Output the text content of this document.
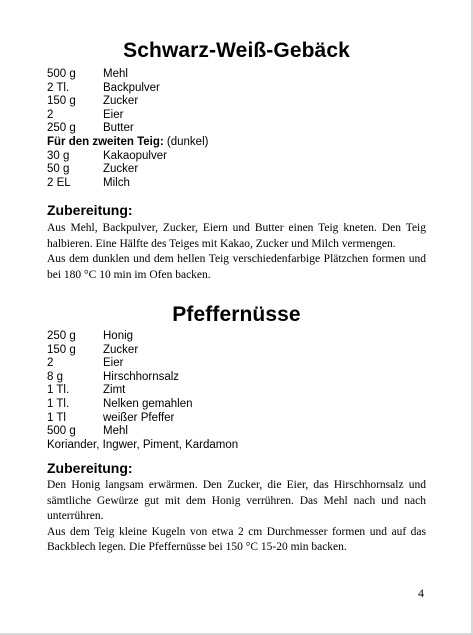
Schwarz-Weiß-Gebäck
500 g	Mehl
2 Tl.	Backpulver
150 g	Zucker
2	Eier
250 g	Butter
Für den zweiten Teig: (dunkel)
30 g	Kakaopulver
50 g	Zucker
2 EL	Milch
Zubereitung:

Aus Mehl, Backpulver, Zucker, Eiern und Butter einen Teig kneten. Den Teig halbieren. Eine Hälfte des Teiges mit Kakao, Zucker und Milch vermengen.

Aus dem dunklen und dem hellen Teig verschiedenfarbige Plätzchen formen und bei 180 °C 10 min im Ofen backen.

Pfeffernüsse
250 g	Honig
150 g	Zucker
2	Eier
8 g	Hirschhornsalz
1 Tl.	Zimt
1 Tl.	Nelken gemahlen
1 Tl	weißer Pfeffer
500 g	Mehl
Koriander, Ingwer, Piment, Kardamon
Zubereitung:

Den Honig langsam erwärmen. Den Zucker, die Eier, das Hirschhornsalz und sämtliche Gewürze gut mit dem Honig verrühren. Das Mehl nach und nach unterrühren.

Aus dem Teig kleine Kugeln von etwa 2 cm Durchmesser formen und auf das Backblech legen. Die Pfeffernüsse bei 150 °C 15-20 min backen.

4
